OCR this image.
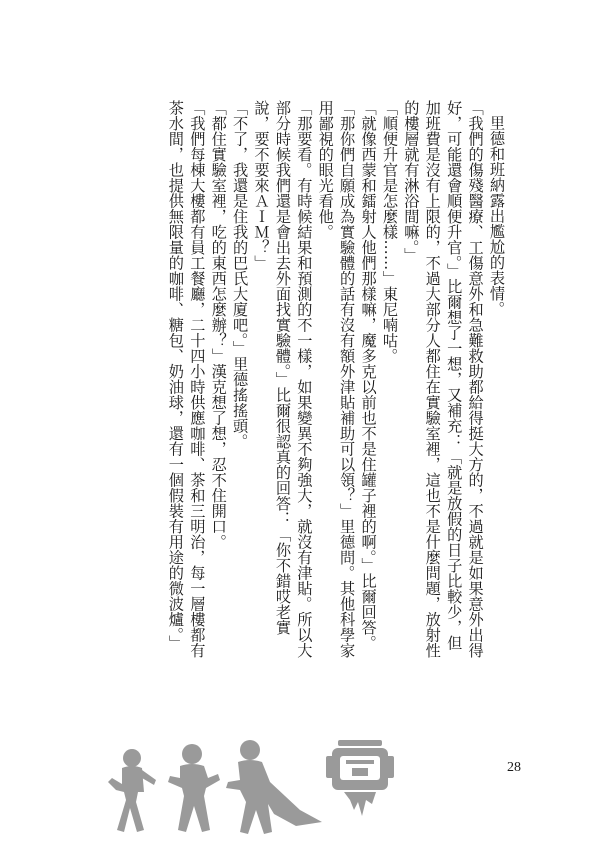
里德和班納露出尷尬的表情。

「我們的傷殘醫療、工傷意外和急難救助都給得挺大方的，不過就是如果意外出得好，可能還會順便升官。」比爾想了一想，又補充：「就是放假的日子比較少，但加班費是沒有上限的，不過大部分人都住在實驗室裡，這也不是什麼問題，放射性的樓層就有淋浴間嘛。」

「順便升官是怎麼樣……」東尼喃咕。

「就像西蒙和鐳射人他們那樣嘛，魔多克以前也不是住罐子裡的啊。」比爾回答。

「那你們自願成為實驗體的話有沒有額外津貼補助可以領？」里德問。其他科學家用鄙視的眼光看他。

「那要看。有時候結果和預測的不一樣，如果變異不夠強大，就沒有津貼。所以大部分時候我們還是會出去外面找實驗體。」比爾很認真的回答：「你不錯哎老實說，要不要來ＡＩＭ？」

「不了，我還是住我的巴氏大廈吧。」里德搖搖頭。

「都住實驗室裡，吃的東西怎麼辦？」漢克想了想，忍不住開口。

「我們每棟大樓都有員工餐廳，二十四小時供應咖啡、茶和三明治，每一層樓都有茶水間，也提供無限量的咖啡、糖包、奶油球，還有一個假裝有用途的微波爐。」

28
